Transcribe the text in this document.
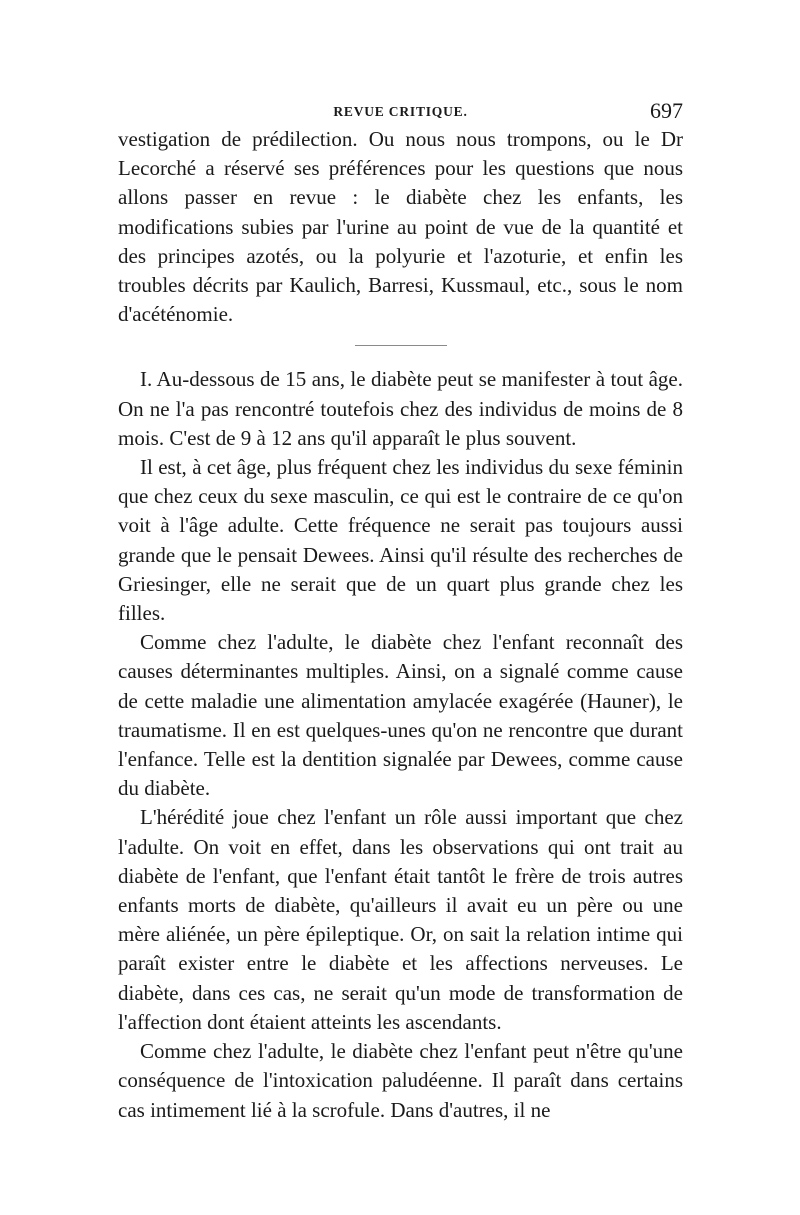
REVUE CRITIQUE.	697

vestigation de prédilection. Ou nous nous trompons, ou le Dr Lecorché a réservé ses préférences pour les questions que nous allons passer en revue : le diabète chez les enfants, les modifications subies par l'urine au point de vue de la quantité et des principes azotés, ou la polyurie et l'azoturie, et enfin les troubles décrits par Kaulich, Barresi, Kussmaul, etc., sous le nom d'acéténomie.

I. Au-dessous de 15 ans, le diabète peut se manifester à tout âge. On ne l'a pas rencontré toutefois chez des individus de moins de 8 mois. C'est de 9 à 12 ans qu'il apparaît le plus souvent.

Il est, à cet âge, plus fréquent chez les individus du sexe féminin que chez ceux du sexe masculin, ce qui est le contraire de ce qu'on voit à l'âge adulte. Cette fréquence ne serait pas toujours aussi grande que le pensait Dewees. Ainsi qu'il résulte des recherches de Griesinger, elle ne serait que de un quart plus grande chez les filles.

Comme chez l'adulte, le diabète chez l'enfant reconnaît des causes déterminantes multiples. Ainsi, on a signalé comme cause de cette maladie une alimentation amylacée exagérée (Hauner), le traumatisme. Il en est quelques-unes qu'on ne rencontre que durant l'enfance. Telle est la dentition signalée par Dewees, comme cause du diabète.

L'hérédité joue chez l'enfant un rôle aussi important que chez l'adulte. On voit en effet, dans les observations qui ont trait au diabète de l'enfant, que l'enfant était tantôt le frère de trois autres enfants morts de diabète, qu'ailleurs il avait eu un père ou une mère aliénée, un père épileptique. Or, on sait la relation intime qui paraît exister entre le diabète et les affections nerveuses. Le diabète, dans ces cas, ne serait qu'un mode de transformation de l'affection dont étaient atteints les ascendants.

Comme chez l'adulte, le diabète chez l'enfant peut n'être qu'une conséquence de l'intoxication paludéenne. Il paraît dans certains cas intimement lié à la scrofule. Dans d'autres, il ne
